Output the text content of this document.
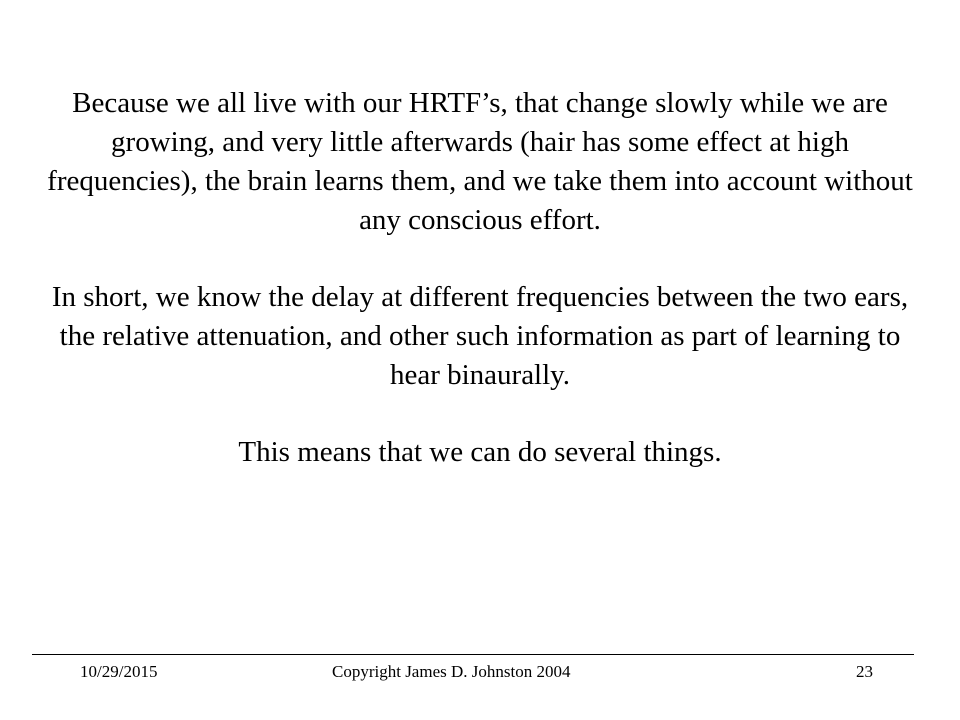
Because we all live with our HRTF’s, that change slowly while we are growing, and very little afterwards (hair has some effect at high frequencies), the brain learns them, and we take them into account without any conscious effort.

In short, we know the delay at different frequencies between the two ears, the relative attenuation, and other such information as part of learning to hear binaurally.

This means that we can do several things.

10/29/2015	Copyright James D. Johnston 2004	23
